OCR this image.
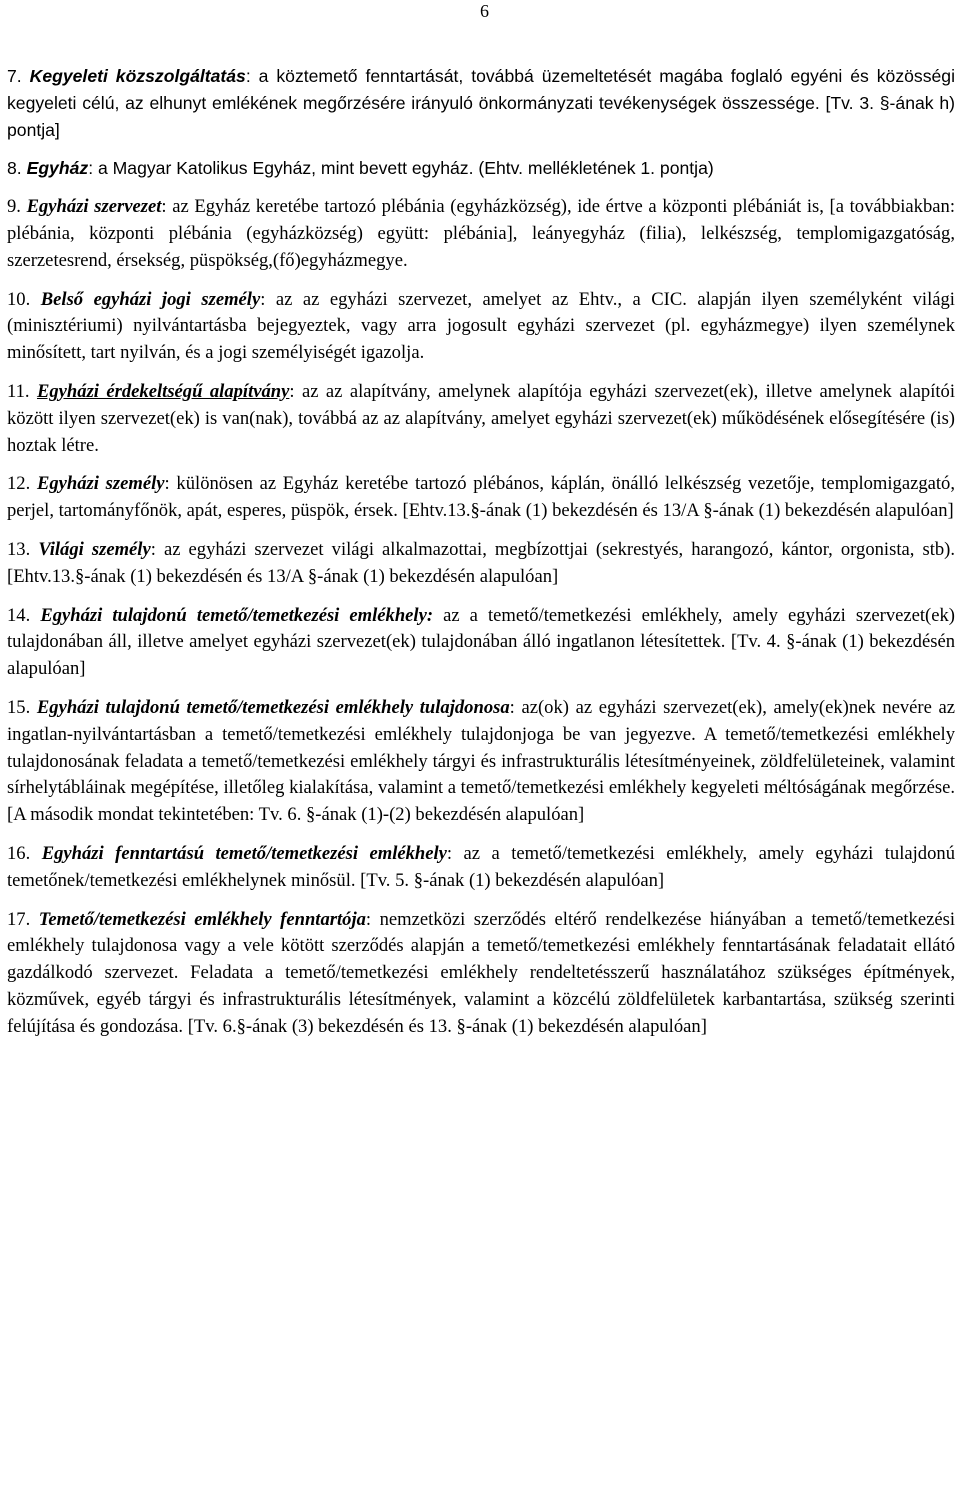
6

7. Kegyeleti közszolgáltatás: a köztemető fenntartását, továbbá üzemeltetését magába foglaló egyéni és közösségi kegyeleti célú, az elhunyt emlékének megőrzésére irányuló önkormányzati tevékenységek összessége. [Tv. 3. §-ának h) pontja]

8. Egyház: a Magyar Katolikus Egyház, mint bevett egyház. (Ehtv. mellékletének 1. pontja)

9. Egyházi szervezet: az Egyház keretébe tartozó plébánia (egyházközség), ide értve a központi plébániát is, [a továbbiakban: plébánia, központi plébánia (egyházközség) együtt: plébánia], leányegyház (filia), lelkészség, templomigazgatóság, szerzetesrend, érsekség, püspökség,(fő)egyházmegye.

10. Belső egyházi jogi személy: az az egyházi szervezet, amelyet az Ehtv., a CIC. alapján ilyen személyként világi (minisztériumi) nyilvántartásba bejegyeztek, vagy arra jogosult egyházi szervezet (pl. egyházmegye) ilyen személynek minősített, tart nyilván, és a jogi személyiségét igazolja.

11. Egyházi érdekeltségű alapítvány: az az alapítvány, amelynek alapítója egyházi szervezet(ek), illetve amelynek alapítói között ilyen szervezet(ek) is van(nak), továbbá az az alapítvány, amelyet egyházi szervezet(ek) működésének elősegítésére (is) hoztak létre.

12. Egyházi személy: különösen az Egyház keretébe tartozó plébános, káplán, önálló lelkészség vezetője, templomigazgató, perjel, tartományfőnök, apát, esperes, püspök, érsek. [Ehtv.13.§-ának (1) bekezdésén és 13/A §-ának (1) bekezdésén alapulóan]

13. Világi személy: az egyházi szervezet világi alkalmazottai, megbízottjai (sekrestyés, harangozó, kántor, orgonista, stb). [Ehtv.13.§-ának (1) bekezdésén és 13/A §-ának (1) bekezdésén alapulóan]

14. Egyházi tulajdonú temető/temetkezési emlékhely: az a temető/temetkezési emlékhely, amely egyházi szervezet(ek) tulajdonában áll, illetve amelyet egyházi szervezet(ek) tulajdonában álló ingatlanon létesítettek. [Tv. 4. §-ának (1) bekezdésén alapulóan]

15. Egyházi tulajdonú temető/temetkezési emlékhely tulajdonosa: az(ok) az egyházi szervezet(ek), amely(ek)nek nevére az ingatlan-nyilvántartásban a temető/temetkezési emlékhely tulajdonjoga be van jegyezve. A temető/temetkezési emlékhely tulajdonosának feladata a temető/temetkezési emlékhely tárgyi és infrastrukturális létesítményeinek, zöldfelületeinek, valamint sírhelytábláinak megépítése, illetőleg kialakítása, valamint a temető/temetkezési emlékhely kegyeleti méltóságának megőrzése. [A második mondat tekintetében: Tv. 6. §-ának (1)-(2) bekezdésén alapulóan]

16. Egyházi fenntartású temető/temetkezési emlékhely: az a temető/temetkezési emlékhely, amely egyházi tulajdonú temetőnek/temetkezési emlékhelynek minősül. [Tv. 5. §-ának (1) bekezdésén alapulóan]

17. Temető/temetkezési emlékhely fenntartója: nemzetközi szerződés eltérő rendelkezése hiányában a temető/temetkezési emlékhely tulajdonosa vagy a vele kötött szerződés alapján a temető/temetkezési emlékhely fenntartásának feladatait ellátó gazdálkodó szervezet. Feladata a temető/temetkezési emlékhely rendeltetésszerű használatához szükséges építmények, közművek, egyéb tárgyi és infrastrukturális létesítmények, valamint a közcélú zöldfelületek karbantartása, szükség szerinti felújítása és gondozása. [Tv. 6.§-ának (3) bekezdésén és 13. §-ának (1) bekezdésén alapulóan]
